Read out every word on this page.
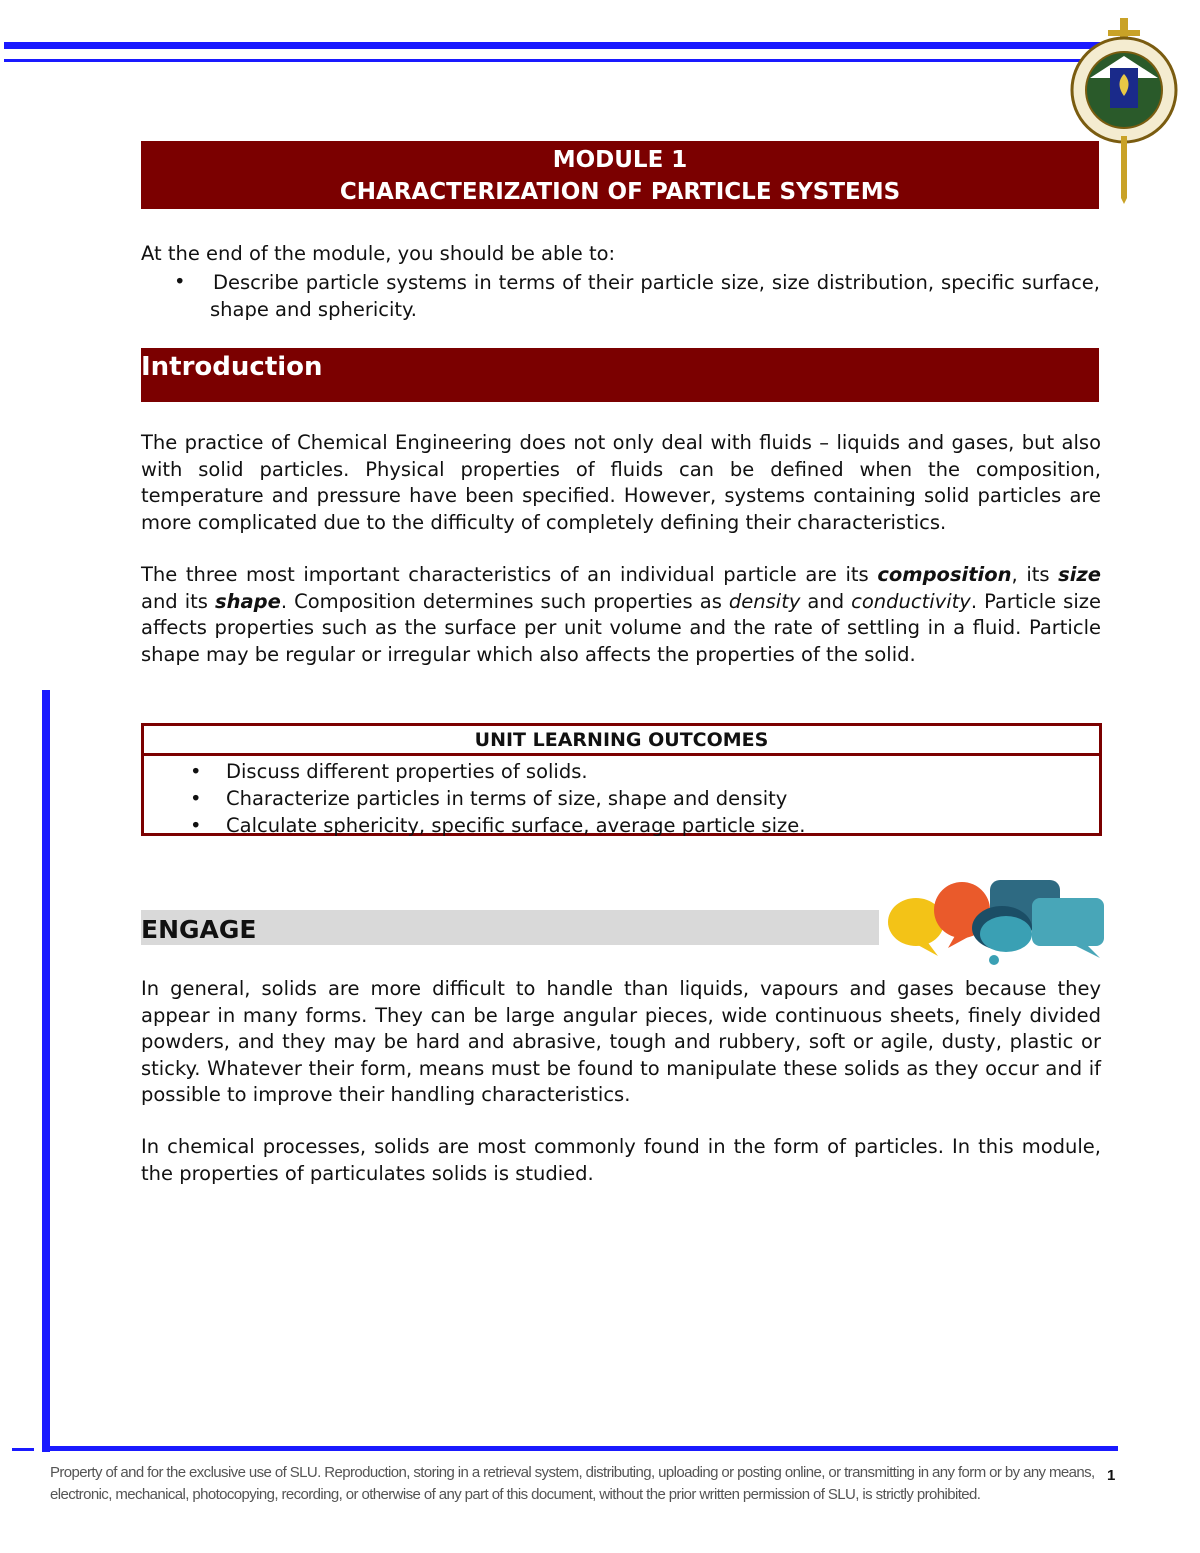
MODULE 1
CHARACTERIZATION OF PARTICLE SYSTEMS
At the end of the module, you should be able to:
• Describe particle systems in terms of their particle size, size distribution, specific surface, shape and sphericity.

Introduction

The practice of Chemical Engineering does not only deal with fluids – liquids and gases, but also with solid particles. Physical properties of fluids can be defined when the composition, temperature and pressure have been specified. However, systems containing solid particles are more complicated due to the difficulty of completely defining their characteristics.

The three most important characteristics of an individual particle are its composition, its size and its shape. Composition determines such properties as density and conductivity. Particle size affects properties such as the surface per unit volume and the rate of settling in a fluid. Particle shape may be regular or irregular which also affects the properties of the solid.

UNIT LEARNING OUTCOMES
• Discuss different properties of solids.
• Characterize particles in terms of size, shape and density
• Calculate sphericity, specific surface, average particle size.
ENGAGE

In general, solids are more difficult to handle than liquids, vapours and gases because they appear in many forms. They can be large angular pieces, wide continuous sheets, finely divided powders, and they may be hard and abrasive, tough and rubbery, soft or agile, dusty, plastic or sticky. Whatever their form, means must be found to manipulate these solids as they occur and if possible to improve their handling characteristics.

In chemical processes, solids are most commonly found in the form of particles. In this module, the properties of particulates solids is studied.

Property of and for the exclusive use of SLU. Reproduction, storing in a retrieval system, distributing, uploading or posting online, or transmitting in any form or by any means, electronic, mechanical, photocopying, recording, or otherwise of any part of this document, without the prior written permission of SLU, is strictly prohibited.
1
